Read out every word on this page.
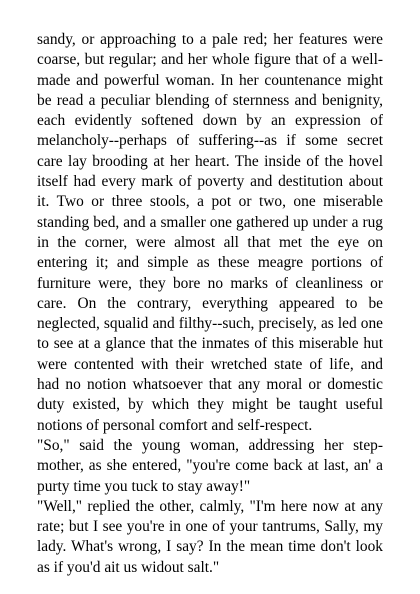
sandy, or approaching to a pale red; her features were coarse, but regular; and her whole figure that of a well-made and powerful woman. In her countenance might be read a peculiar blending of sternness and benignity, each evidently softened down by an expression of melancholy--perhaps of suffering--as if some secret care lay brooding at her heart. The inside of the hovel itself had every mark of poverty and destitution about it. Two or three stools, a pot or two, one miserable standing bed, and a smaller one gathered up under a rug in the corner, were almost all that met the eye on entering it; and simple as these meagre portions of furniture were, they bore no marks of cleanliness or care. On the contrary, everything appeared to be neglected, squalid and filthy--such, precisely, as led one to see at a glance that the inmates of this miserable hut were contented with their wretched state of life, and had no notion whatsoever that any moral or domestic duty existed, by which they might be taught useful notions of personal comfort and self-respect.

"So," said the young woman, addressing her step-mother, as she entered, "you're come back at last, an' a purty time you tuck to stay away!"

"Well," replied the other, calmly, "I'm here now at any rate; but I see you're in one of your tantrums, Sally, my lady. What's wrong, I say? In the mean time don't look as if you'd ait us widout salt."
